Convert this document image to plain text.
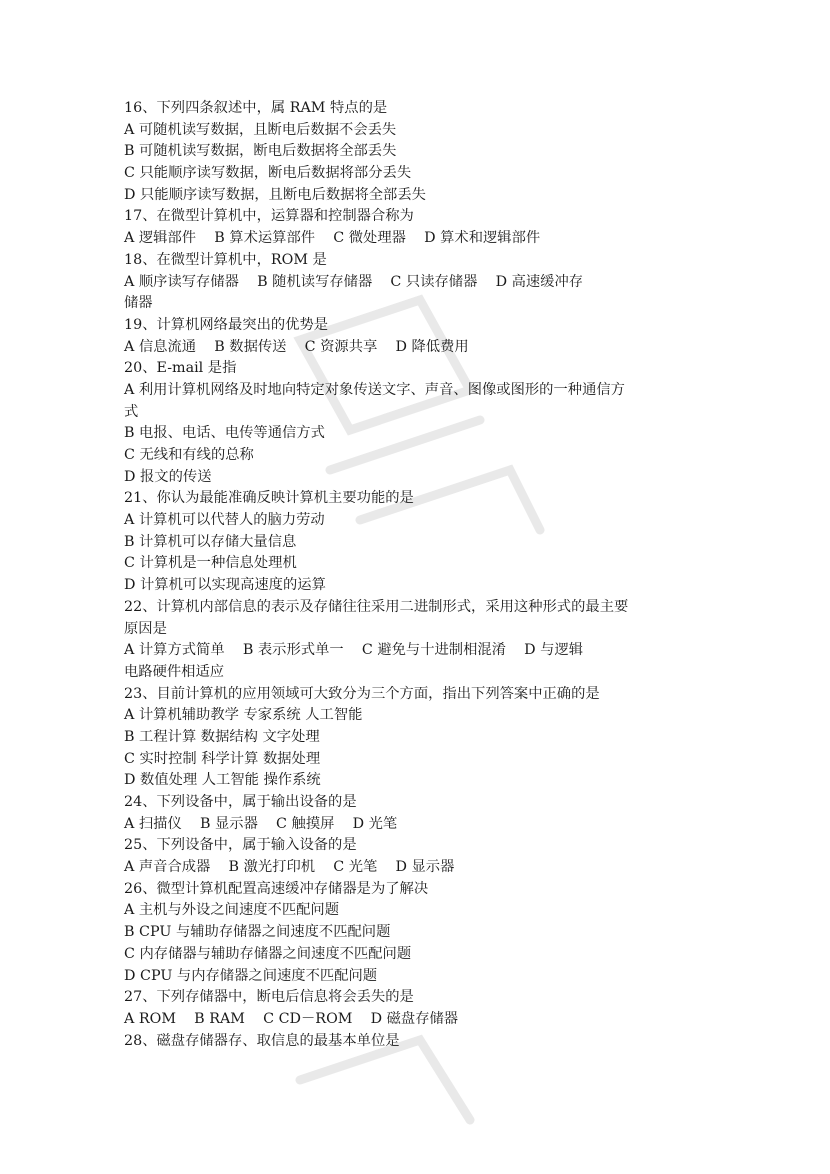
16、下列四条叙述中，属 RAM 特点的是
A 可随机读写数据，且断电后数据不会丢失
B 可随机读写数据，断电后数据将全部丢失
C 只能顺序读写数据，断电后数据将部分丢失
D 只能顺序读写数据，且断电后数据将全部丢失
17、在微型计算机中，运算器和控制器合称为
A 逻辑部件    B 算术运算部件    C 微处理器    D 算术和逻辑部件
18、在微型计算机中，ROM 是
A 顺序读写存储器    B 随机读写存储器    C 只读存储器    D 高速缓冲存
储器
19、计算机网络最突出的优势是
A 信息流通    B 数据传送    C 资源共享    D 降低费用
20、E-mail 是指
A 利用计算机网络及时地向特定对象传送文字、声音、图像或图形的一种通信方
式
B 电报、电话、电传等通信方式
C 无线和有线的总称
D 报文的传送
21、你认为最能准确反映计算机主要功能的是
A 计算机可以代替人的脑力劳动
B 计算机可以存储大量信息
C 计算机是一种信息处理机
D 计算机可以实现高速度的运算
22、计算机内部信息的表示及存储往往采用二进制形式，采用这种形式的最主要
原因是
A 计算方式简单    B 表示形式单一    C 避免与十进制相混淆    D 与逻辑
电路硬件相适应
23、目前计算机的应用领域可大致分为三个方面，指出下列答案中正确的是
A 计算机辅助教学 专家系统 人工智能
B 工程计算 数据结构 文字处理
C 实时控制 科学计算 数据处理
D 数值处理 人工智能 操作系统
24、下列设备中，属于输出设备的是
A 扫描仪    B 显示器    C 触摸屏    D 光笔
25、下列设备中，属于输入设备的是
A 声音合成器    B 激光打印机    C 光笔    D 显示器
26、微型计算机配置高速缓冲存储器是为了解决
A 主机与外设之间速度不匹配问题
B CPU 与辅助存储器之间速度不匹配问题
C 内存储器与辅助存储器之间速度不匹配问题
D CPU 与内存储器之间速度不匹配问题
27、下列存储器中，断电后信息将会丢失的是
A ROM    B RAM    C CD－ROM    D 磁盘存储器
28、磁盘存储器存、取信息的最基本单位是
